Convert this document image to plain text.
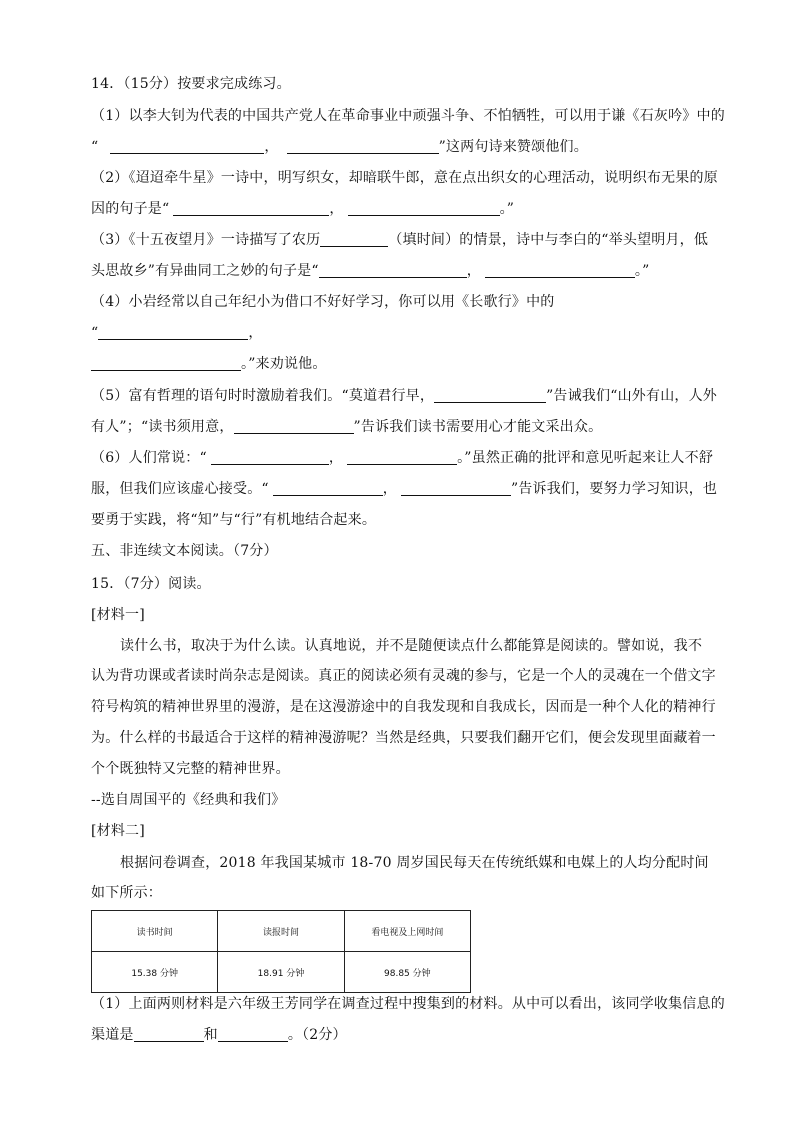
14．（15分）按要求完成练习。
（1）以李大钊为代表的中国共产党人在革命事业中顽强斗争、不怕牺牲，可以用于谦《石灰吟》中的
“	，	”这两句诗来赞颂他们。
（2）《迢迢牵牛星》一诗中，明写织女，却暗联牛郎，意在点出织女的心理活动，说明织布无果的原
因的句子是“	，	。”
（3）《十五夜望月》一诗描写了农历	（填时间）的情景，诗中与李白的“举头望明月，低
头思故乡”有异曲同工之妙的句子是“	，	。”
（4）小岩经常以自己年纪小为借口不好好学习，你可以用《长歌行》中的
“	，
。”来劝说他。
（5）富有哲理的语句时时激励着我们。“莫道君行早，	”告诫我们“山外有山，人外
有人”；“读书须用意，	”告诉我们读书需要用心才能文采出众。
（6）人们常说：“	，	。”虽然正确的批评和意见听起来让人不舒
服，但我们应该虚心接受。“	，	”告诉我们，要努力学习知识，也
要勇于实践，将“知”与“行”有机地结合起来。
五、非连续文本阅读。（7分）
15．（7分）阅读。
[材料一]
读什么书，取决于为什么读。认真地说，并不是随便读点什么都能算是阅读的。譬如说，我不
认为背功课或者读时尚杂志是阅读。真正的阅读必须有灵魂的参与，它是一个人的灵魂在一个借文字
符号构筑的精神世界里的漫游，是在这漫游途中的自我发现和自我成长，因而是一种个人化的精神行
为。什么样的书最适合于这样的精神漫游呢？当然是经典，只要我们翻开它们，便会发现里面藏着一
个个既独特又完整的精神世界。
--选自周国平的《经典和我们》
[材料二]
根据问卷调查，2018 年我国某城市 18-70 周岁国民每天在传统纸媒和电媒上的人均分配时间
如下所示：
读书时间	读报时间	看电视及上网时间
15.38 分钟	18.91 分钟	98.85 分钟
（1）上面两则材料是六年级王芳同学在调查过程中搜集到的材料。从中可以看出，该同学收集信息的
渠道是	和	。（2分）
